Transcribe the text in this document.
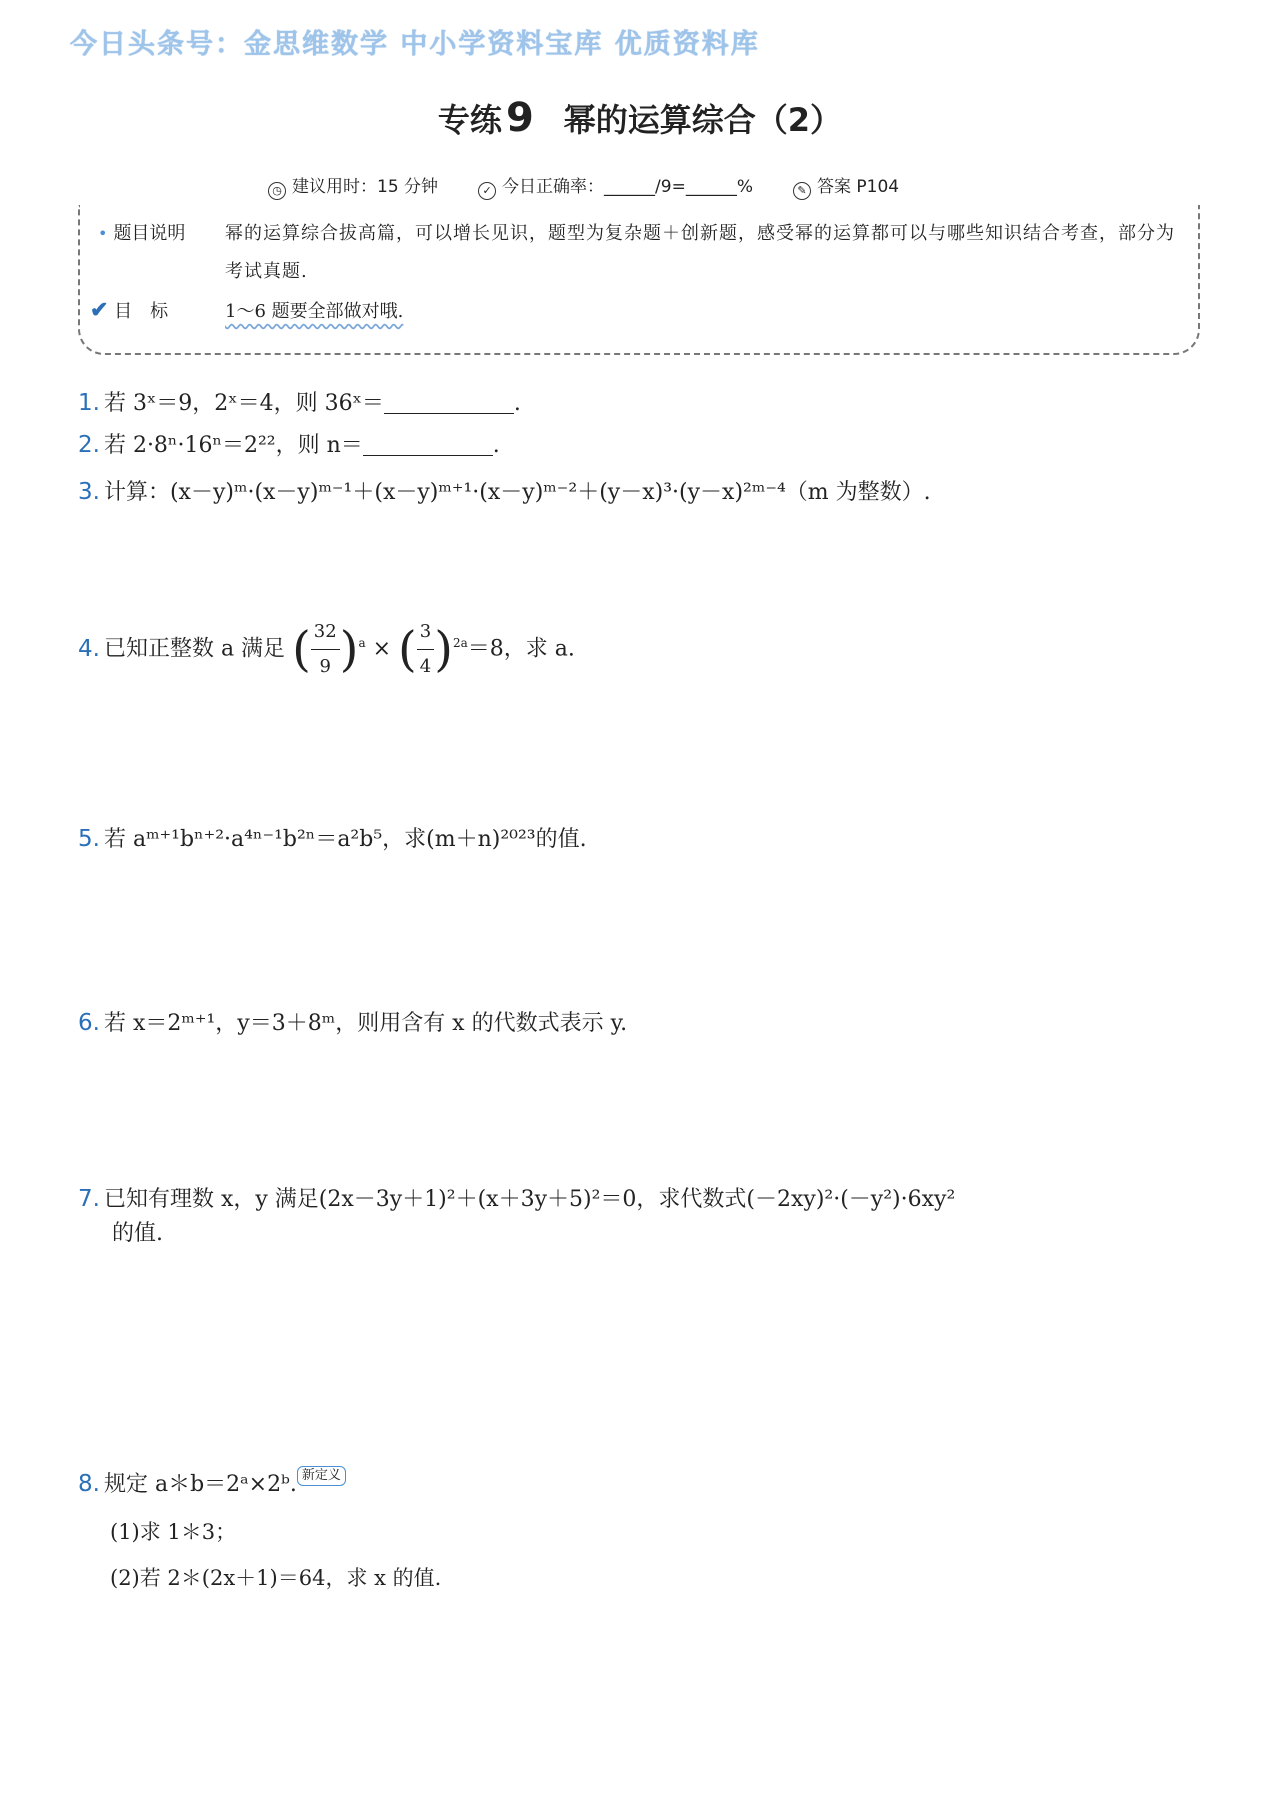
今日头条号：金思维数学 中小学资料宝库 优质资料库
专练 9 幂的运算综合（2）
◷ 建议用时：15 分钟	✓ 今日正确率：______/9=______%	✎ 答案 P104
• 题目说明	幂的运算综合拔高篇，可以增长见识，题型为复杂题＋创新题，感受幂的运算都可以与哪些知识结合考查，部分为考试真题.
✔ 目　标	1～6 题要全部做对哦.
1. 若 3ˣ＝9，2ˣ＝4，则 36ˣ＝	.
2. 若 2·8ⁿ·16ⁿ＝2²²，则 n＝	.
3. 计算：(x－y)ᵐ·(x－y)ᵐ⁻¹＋(x－y)ᵐ⁺¹·(x－y)ᵐ⁻²＋(y－x)³·(y－x)²ᵐ⁻⁴（m 为整数）.
4. 已知正整数 a 满足 ( $\frac{32}{9} )^a$ × ( $\frac{3}{4} )^{2a}=8$，求 a.
5. 若 aᵐ⁺¹bⁿ⁺²·a⁴ⁿ⁻¹b²ⁿ＝a²b⁵，求(m＋n)²⁰²³的值.
6. 若 x＝2ᵐ⁺¹，y＝3＋8ᵐ，则用含有 x 的代数式表示 y.
7. 已知有理数 x，y 满足(2x－3y＋1)²＋(x＋3y＋5)²＝0，求代数式(－2xy)²·(－y²)·6xy²
的值.
8. 规定 a＊b＝2ᵃ×2ᵇ. 新定义
(1)求 1＊3；
(2)若 2＊(2x＋1)＝64，求 x 的值.
